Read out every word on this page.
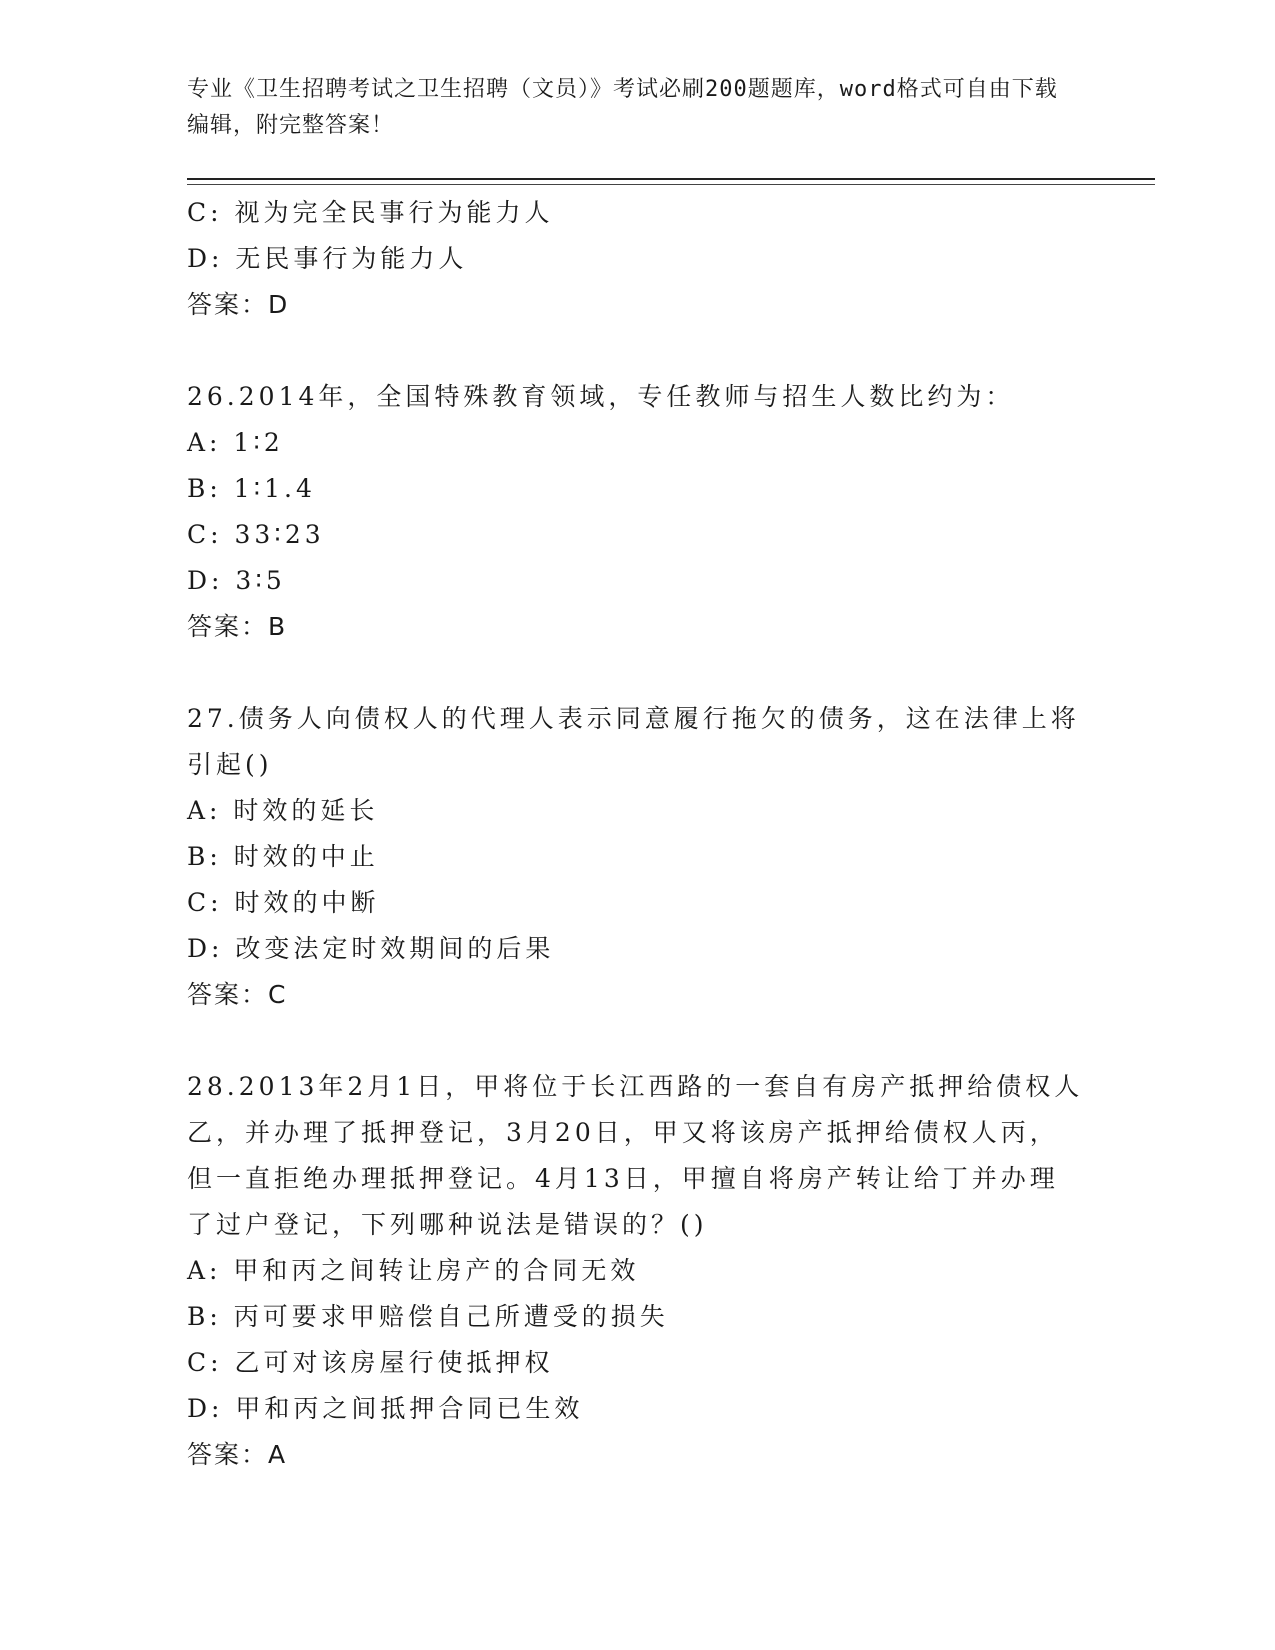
专业《卫生招聘考试之卫生招聘（文员）》考试必刷200题题库，word格式可自由下载编辑，附完整答案！
C: 视为完全民事行为能力人
D: 无民事行为能力人
答案：D
26.2014年，全国特殊教育领域，专任教师与招生人数比约为：
A: 1∶2
B: 1∶1.4
C: 33∶23
D: 3∶5
答案：B
27.债务人向债权人的代理人表示同意履行拖欠的债务，这在法律上将引起()
A: 时效的延长
B: 时效的中止
C: 时效的中断
D: 改变法定时效期间的后果
答案：C
28.2013年2月1日，甲将位于长江西路的一套自有房产抵押给债权人乙，并办理了抵押登记，3月20日，甲又将该房产抵押给债权人丙，但一直拒绝办理抵押登记。4月13日，甲擅自将房产转让给丁并办理了过户登记，下列哪种说法是错误的？()
A: 甲和丙之间转让房产的合同无效
B: 丙可要求甲赔偿自己所遭受的损失
C: 乙可对该房屋行使抵押权
D: 甲和丙之间抵押合同已生效
答案：A
